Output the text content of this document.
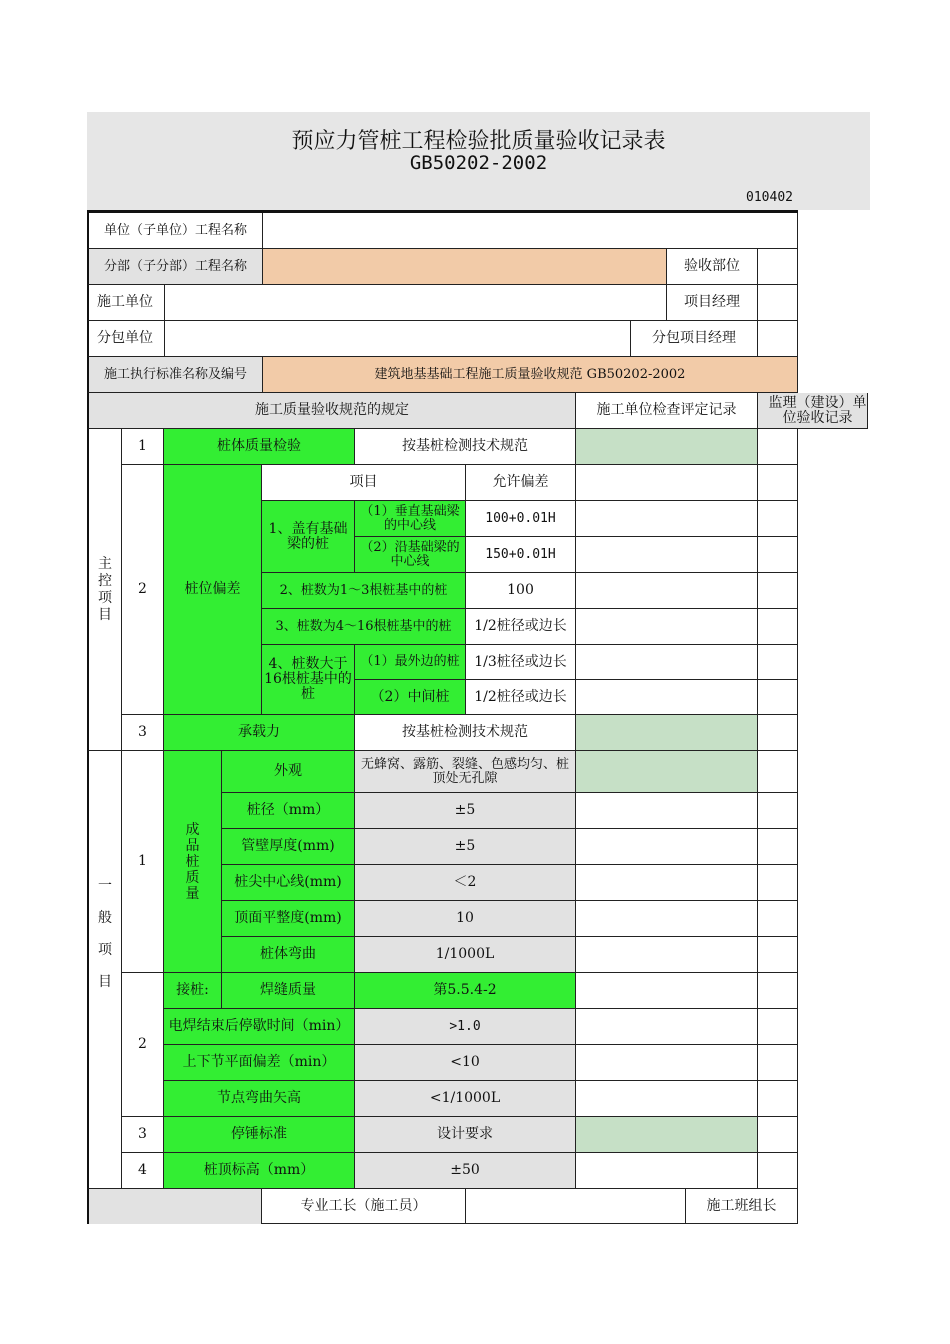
预应力管桩工程检验批质量验收记录表
GB50202-2002
010402
单位（子单位）工程名称
分部（子分部）工程名称	验收部位
施工单位	项目经理
分包单位	分包项目经理
施工执行标准名称及编号	建筑地基基础工程施工质量验收规范 GB50202-2002
施工质量验收规范的规定	施工单位检查评定记录	监理（建设）单位验收记录
主
控
项
目
1	桩体质量检验	按基桩检测技术规范
2	桩位偏差
项目	允许偏差
1、盖有基础梁的桩
（1）垂直基础梁的中心线	100+0.01H
（2）沿基础梁的中心线	150+0.01H
2、桩数为1～3根桩基中的桩	100
3、桩数为4～16根桩基中的桩	1/2桩径或边长
4、桩数大于16根桩基中的桩
（1）最外边的桩	1/3桩径或边长
（2）中间桩	1/2桩径或边长
3	承载力	按基桩检测技术规范
一
般
项
目
1
成
品
桩
质
量
外观	无蜂窝、露筋、裂缝、色感均匀、桩顶处无孔隙
桩径（mm）	±5
管壁厚度(mm)	±5
桩尖中心线(mm)	＜2
顶面平整度(mm)	10
桩体弯曲	1/1000L
2
接桩:	焊缝质量	第5.5.4-2
电焊结束后停歇时间（min）	>1.0
上下节平面偏差（min）	<10
节点弯曲矢高	<1/1000L
3	停锤标准	设计要求
4	桩顶标高（mm）	±50
专业工长（施工员）	施工班组长
